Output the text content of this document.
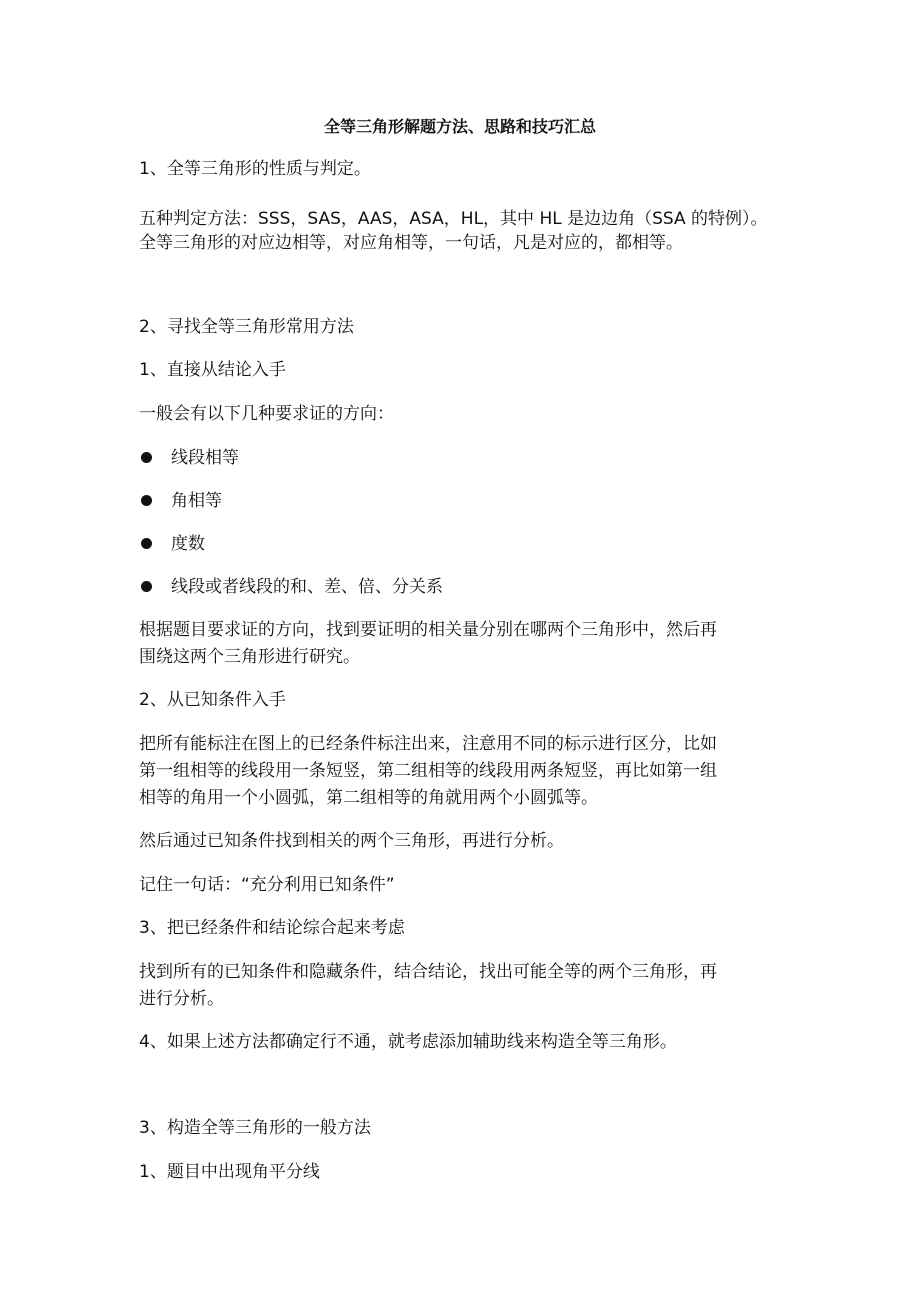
全等三角形解题方法、思路和技巧汇总
1、全等三角形的性质与判定。
五种判定方法：SSS，SAS，AAS，ASA，HL，其中 HL 是边边角（SSA 的特例）。
全等三角形的对应边相等，对应角相等，一句话，凡是对应的，都相等。
2、寻找全等三角形常用方法
1、直接从结论入手
一般会有以下几种要求证的方向：
线段相等
角相等
度数
线段或者线段的和、差、倍、分关系
根据题目要求证的方向，找到要证明的相关量分别在哪两个三角形中，然后再
围绕这两个三角形进行研究。
2、从已知条件入手
把所有能标注在图上的已经条件标注出来，注意用不同的标示进行区分，比如
第一组相等的线段用一条短竖，第二组相等的线段用两条短竖，再比如第一组
相等的角用一个小圆弧，第二组相等的角就用两个小圆弧等。
然后通过已知条件找到相关的两个三角形，再进行分析。
记住一句话：“充分利用已知条件”
3、把已经条件和结论综合起来考虑
找到所有的已知条件和隐藏条件，结合结论，找出可能全等的两个三角形，再
进行分析。
4、如果上述方法都确定行不通，就考虑添加辅助线来构造全等三角形。
3、构造全等三角形的一般方法
1、题目中出现角平分线
